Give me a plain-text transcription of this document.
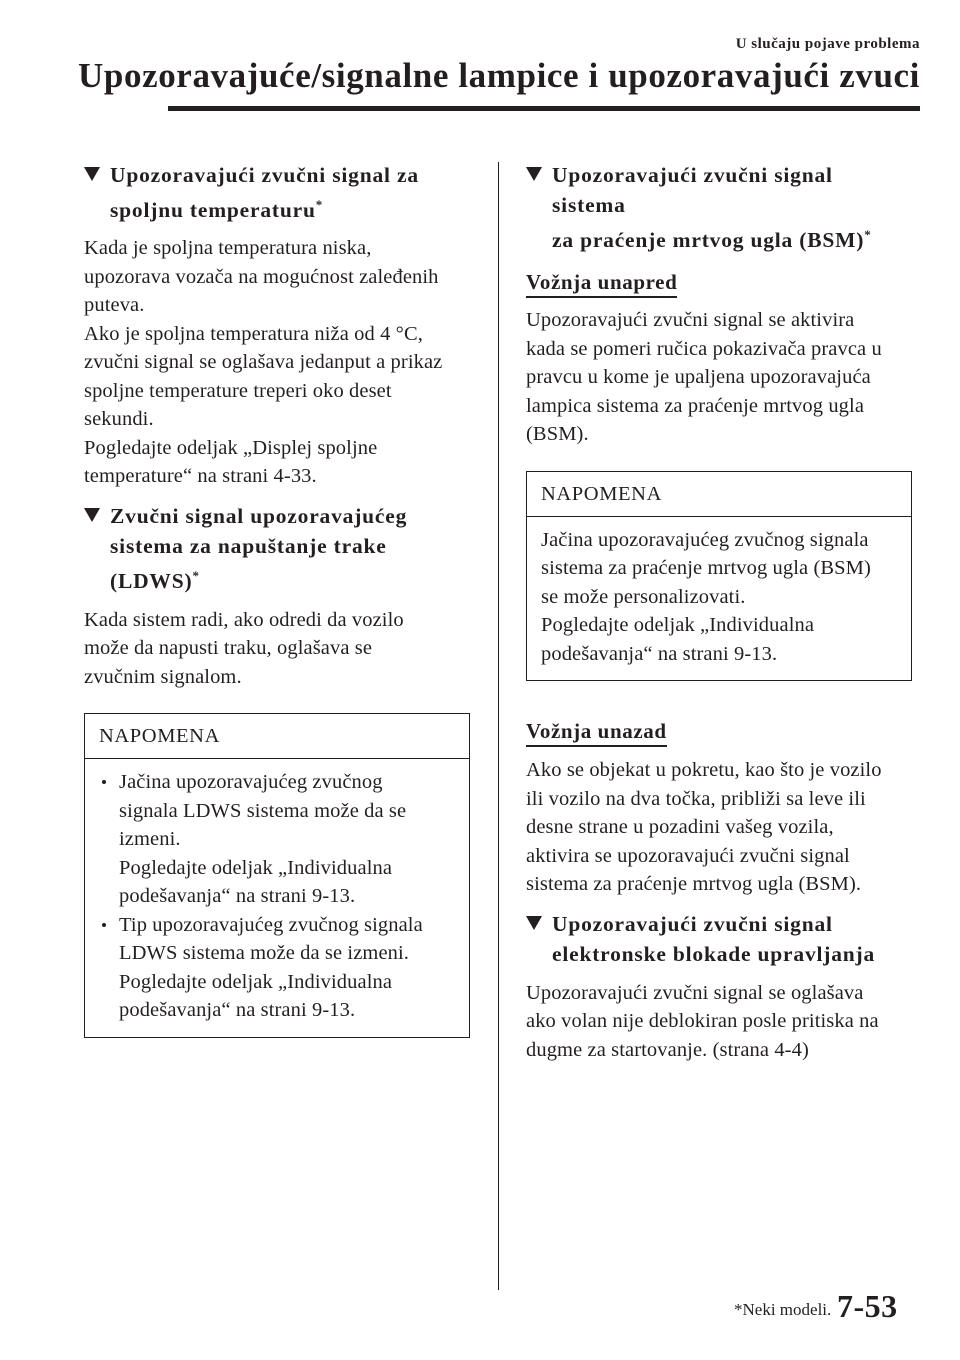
U slučaju pojave problema
Upozoravajuće/signalne lampice i upozoravajući zvuci
Upozoravajući zvučni signal za
spoljnu temperaturu*

Kada je spoljna temperatura niska,
upozorava vozača na mogućnost zaleđenih
puteva.
Ako je spoljna temperatura niža od 4 °C,
zvučni signal se oglašava jedanput a prikaz
spoljne temperature treperi oko deset
sekundi.
Pogledajte odeljak „Displej spoljne
temperature“ na strani 4-33.

Zvučni signal upozoravajućeg
sistema za napuštanje trake
(LDWS)*

Kada sistem radi, ako odredi da vozilo
može da napusti traku, oglašava se
zvučnim signalom.

NAPOMENA

Jačina upozoravajućeg zvučnog
signala LDWS sistema može da se
izmeni.
Pogledajte odeljak „Individualna
podešavanja“ na strani 9-13.

Tip upozoravajućeg zvučnog signala
LDWS sistema može da se izmeni.
Pogledajte odeljak „Individualna
podešavanja“ na strani 9-13.

Upozoravajući zvučni signal sistema
za praćenje mrtvog ugla (BSM)*
Vožnja unapred

Upozoravajući zvučni signal se aktivira
kada se pomeri ručica pokazivača pravca u
pravcu u kome je upaljena upozoravajuća
lampica sistema za praćenje mrtvog ugla
(BSM).

NAPOMENA

Jačina upozoravajućeg zvučnog signala
sistema za praćenje mrtvog ugla (BSM)
se može personalizovati.
Pogledajte odeljak „Individualna
podešavanja“ na strani 9-13.

Vožnja unazad

Ako se objekat u pokretu, kao što je vozilo
ili vozilo na dva točka, približi sa leve ili
desne strane u pozadini vašeg vozila,
aktivira se upozoravajući zvučni signal
sistema za praćenje mrtvog ugla (BSM).

Upozoravajući zvučni signal
elektronske blokade upravljanja

Upozoravajući zvučni signal se oglašava
ako volan nije deblokiran posle pritiska na
dugme za startovanje. (strana 4-4)

*Neki modeli. 7-53
